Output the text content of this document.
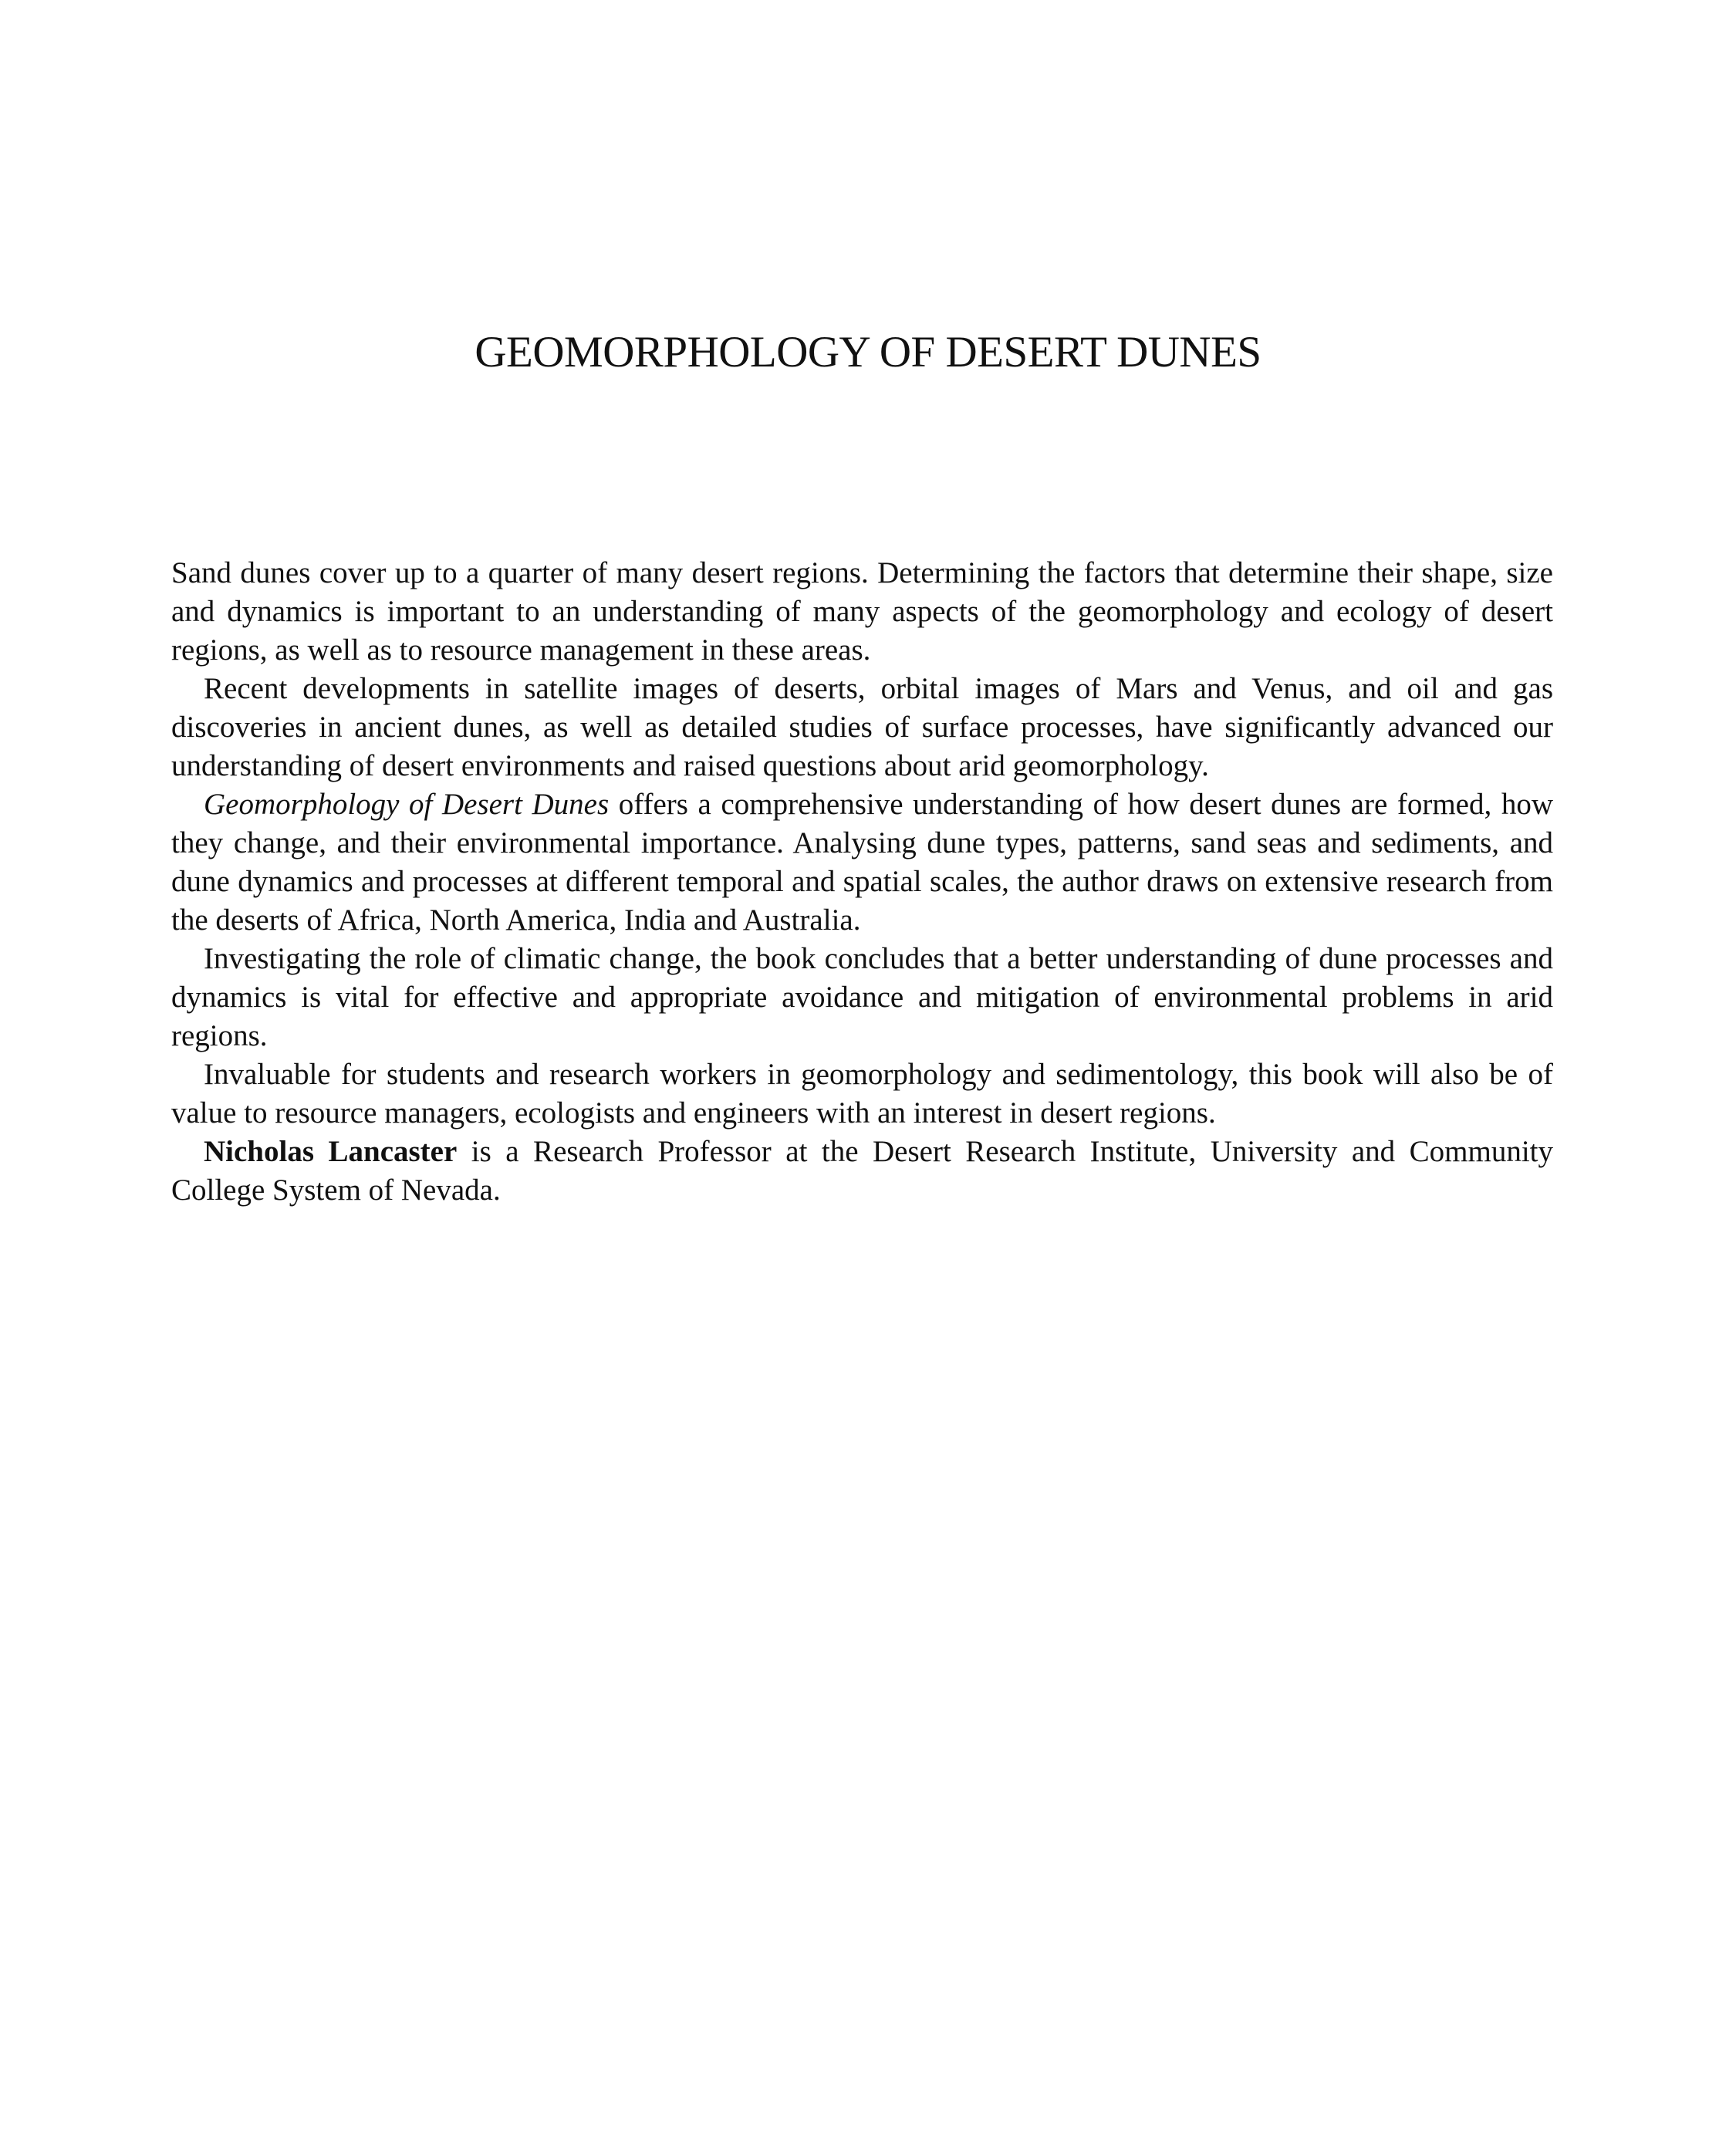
GEOMORPHOLOGY OF DESERT DUNES

Sand dunes cover up to a quarter of many desert regions. Determining the factors that determine their shape, size and dynamics is important to an understanding of many aspects of the geomorphology and ecology of desert regions, as well as to resource management in these areas.

Recent developments in satellite images of deserts, orbital images of Mars and Venus, and oil and gas discoveries in ancient dunes, as well as detailed studies of surface processes, have significantly advanced our understanding of desert environments and raised questions about arid geomorphology.

Geomorphology of Desert Dunes offers a comprehensive understanding of how desert dunes are formed, how they change, and their environmental importance. Analysing dune types, patterns, sand seas and sediments, and dune dynamics and processes at different temporal and spatial scales, the author draws on extensive research from the deserts of Africa, North America, India and Australia.

Investigating the role of climatic change, the book concludes that a better understanding of dune processes and dynamics is vital for effective and appropriate avoidance and mitigation of environmental problems in arid regions.

Invaluable for students and research workers in geomorphology and sedimentology, this book will also be of value to resource managers, ecologists and engineers with an interest in desert regions.

Nicholas Lancaster is a Research Professor at the Desert Research Institute, University and Community College System of Nevada.
